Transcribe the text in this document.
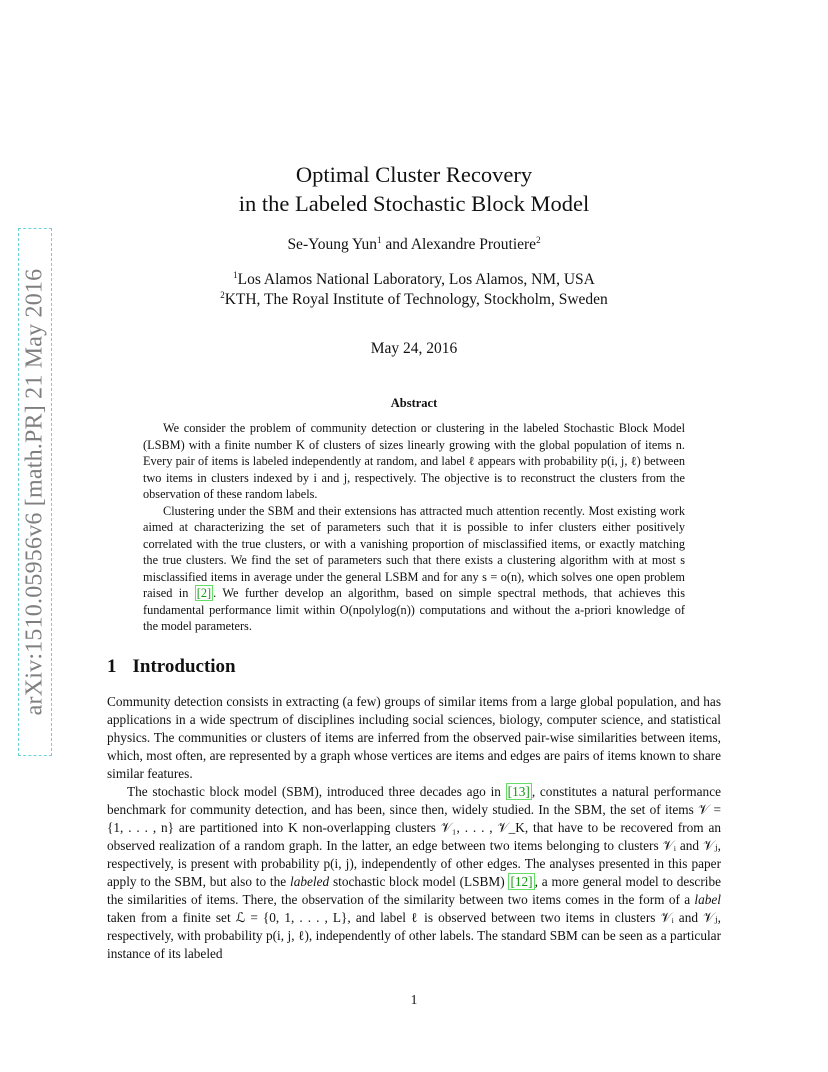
arXiv:1510.05956v6 [math.PR] 21 May 2016
Optimal Cluster Recovery
in the Labeled Stochastic Block Model
Se-Young Yun$^1$ and Alexandre Proutiere$^2$
$^1$Los Alamos National Laboratory, Los Alamos, NM, USA
$^2$KTH, The Royal Institute of Technology, Stockholm, Sweden
May 24, 2016
Abstract

We consider the problem of community detection or clustering in the labeled Stochastic Block Model (LSBM) with a finite number K of clusters of sizes linearly growing with the global population of items n. Every pair of items is labeled independently at random, and label ℓ appears with probability p(i, j, ℓ) between two items in clusters indexed by i and j, respectively. The objective is to reconstruct the clusters from the observation of these random labels.

Clustering under the SBM and their extensions has attracted much attention recently. Most existing work aimed at characterizing the set of parameters such that it is possible to infer clusters either positively correlated with the true clusters, or with a vanishing proportion of misclassified items, or exactly matching the true clusters. We find the set of parameters such that there exists a clustering algorithm with at most s misclassified items in average under the general LSBM and for any s = o(n), which solves one open problem raised in [2] . We further develop an algorithm, based on simple spectral methods, that achieves this fundamental performance limit within O(npolylog(n)) computations and without the a-priori knowledge of the model parameters.

1 Introduction

Community detection consists in extracting (a few) groups of similar items from a large global population, and has applications in a wide spectrum of disciplines including social sciences, biology, computer science, and statistical physics. The communities or clusters of items are inferred from the observed pair-wise similarities between items, which, most often, are represented by a graph whose vertices are items and edges are pairs of items known to share similar features.

The stochastic block model (SBM), introduced three decades ago in [13] , constitutes a natural performance benchmark for community detection, and has been, since then, widely studied. In the SBM, the set of items 𝒱 = {1, . . . , n} are partitioned into K non-overlapping clusters 𝒱₁, . . . , 𝒱_K, that have to be recovered from an observed realization of a random graph. In the latter, an edge between two items belonging to clusters 𝒱ᵢ and 𝒱ⱼ, respectively, is present with probability p(i, j), independently of other edges. The analyses presented in this paper apply to the SBM, but also to the labeled stochastic block model (LSBM) [12] , a more general model to describe the similarities of items. There, the observation of the similarity between two items comes in the form of a label taken from a finite set ℒ = {0, 1, . . . , L}, and label ℓ is observed between two items in clusters 𝒱ᵢ and 𝒱ⱼ, respectively, with probability p(i, j, ℓ), independently of other labels. The standard SBM can be seen as a particular instance of its labeled

1
